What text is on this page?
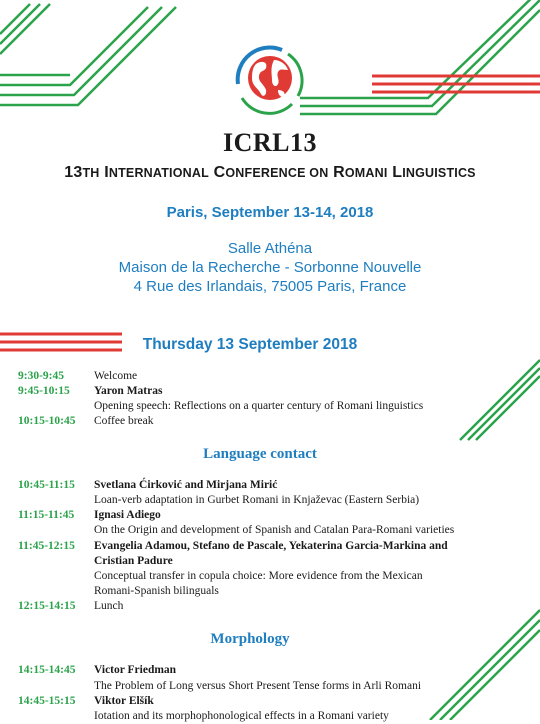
ICRL13
13TH INTERNATIONAL CONFERENCE ON ROMANI LINGUISTICS
Paris, September 13-14, 2018
Salle Athéna
Maison de la Recherche - Sorbonne Nouvelle
4 Rue des Irlandais, 75005 Paris, France
Thursday 13 September 2018
9:30-9:45	Welcome
9:45-10:15	Yaron Matras
Opening speech: Reflections on a quarter century of Romani linguistics
10:15-10:45	Coffee break
Language contact
10:45-11:15	Svetlana Ćirković and Mirjana Mirić
Loan-verb adaptation in Gurbet Romani in Knjaževac (Eastern Serbia)
11:15-11:45	Ignasi Adiego
On the Origin and development of Spanish and Catalan Para-Romani varieties
11:45-12:15	Evangelia Adamou, Stefano de Pascale, Yekaterina Garcia-Markina and
Cristian Padure
Conceptual transfer in copula choice: More evidence from the Mexican
Romani-Spanish bilinguals
12:15-14:15	Lunch
Morphology
14:15-14:45	Victor Friedman
The Problem of Long versus Short Present Tense forms in Arli Romani
14:45-15:15	Viktor Elšík
Iotation and its morphophonological effects in a Romani variety
